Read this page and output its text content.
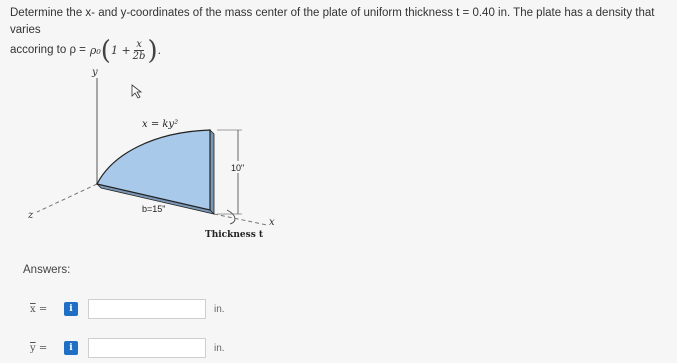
Determine the x- and y-coordinates of the mass center of the plate of uniform thickness t = 0.40 in. The plate has a density that varies
accoring to ρ = ρ₀ ( $1 + \frac{x}{2b}$ ) .
y
z
x
x = ky²
10"
b=15"
Thickness t
Answers:
$\overline{x}$ =	i	in.
$\overline{y}$ =	i	in.
